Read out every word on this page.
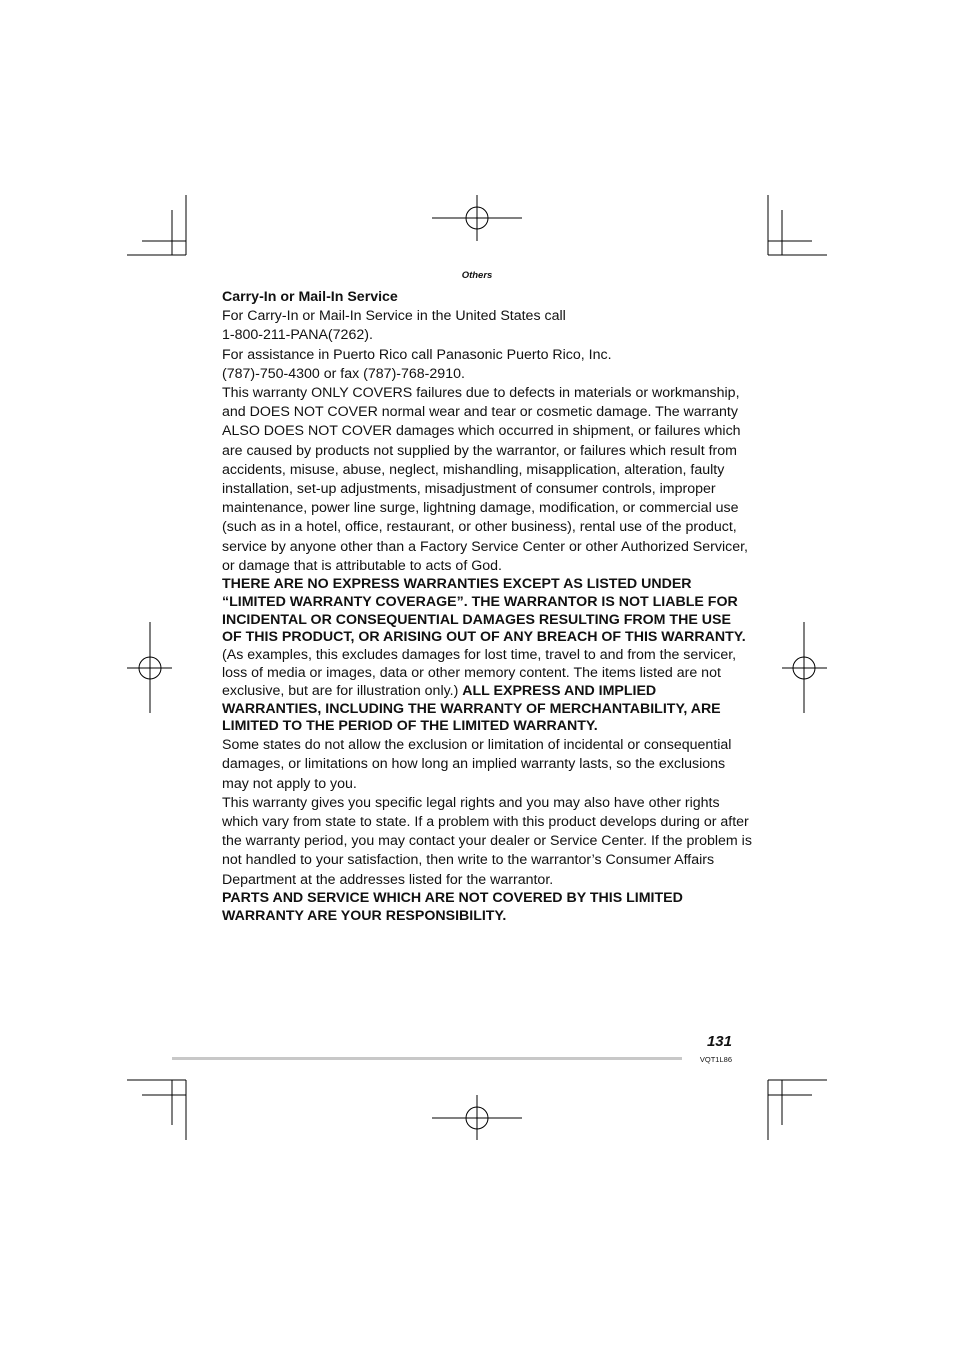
Others

Carry-In or Mail-In Service

For Carry-In or Mail-In Service in the United States call

1-800-211-PANA(7262).

For assistance in Puerto Rico call Panasonic Puerto Rico, Inc.

(787)-750-4300 or fax (787)-768-2910.

This warranty ONLY COVERS failures due to defects in materials or workmanship, and DOES NOT COVER normal wear and tear or cosmetic damage. The warranty ALSO DOES NOT COVER damages which occurred in shipment, or failures which are caused by products not supplied by the warrantor, or failures which result from accidents, misuse, abuse, neglect, mishandling, misapplication, alteration, faulty installation, set-up adjustments, misadjustment of consumer controls, improper maintenance, power line surge, lightning damage, modification, or commercial use (such as in a hotel, office, restaurant, or other business), rental use of the product, service by anyone other than a Factory Service Center or other Authorized Servicer, or damage that is attributable to acts of God.

THERE ARE NO EXPRESS WARRANTIES EXCEPT AS LISTED UNDER “LIMITED WARRANTY COVERAGE”. THE WARRANTOR IS NOT LIABLE FOR INCIDENTAL OR CONSEQUENTIAL DAMAGES RESULTING FROM THE USE OF THIS PRODUCT, OR ARISING OUT OF ANY BREACH OF THIS WARRANTY. (As examples, this excludes damages for lost time, travel to and from the servicer, loss of media or images, data or other memory content. The items listed are not exclusive, but are for illustration only.) ALL EXPRESS AND IMPLIED WARRANTIES, INCLUDING THE WARRANTY OF MERCHANTABILITY, ARE LIMITED TO THE PERIOD OF THE LIMITED WARRANTY.

Some states do not allow the exclusion or limitation of incidental or consequential damages, or limitations on how long an implied warranty lasts, so the exclusions may not apply to you.

This warranty gives you specific legal rights and you may also have other rights which vary from state to state. If a problem with this product develops during or after the warranty period, you may contact your dealer or Service Center. If the problem is not handled to your satisfaction, then write to the warrantor’s Consumer Affairs Department at the addresses listed for the warrantor.

PARTS AND SERVICE WHICH ARE NOT COVERED BY THIS LIMITED WARRANTY ARE YOUR RESPONSIBILITY.

131
VQT1L86
